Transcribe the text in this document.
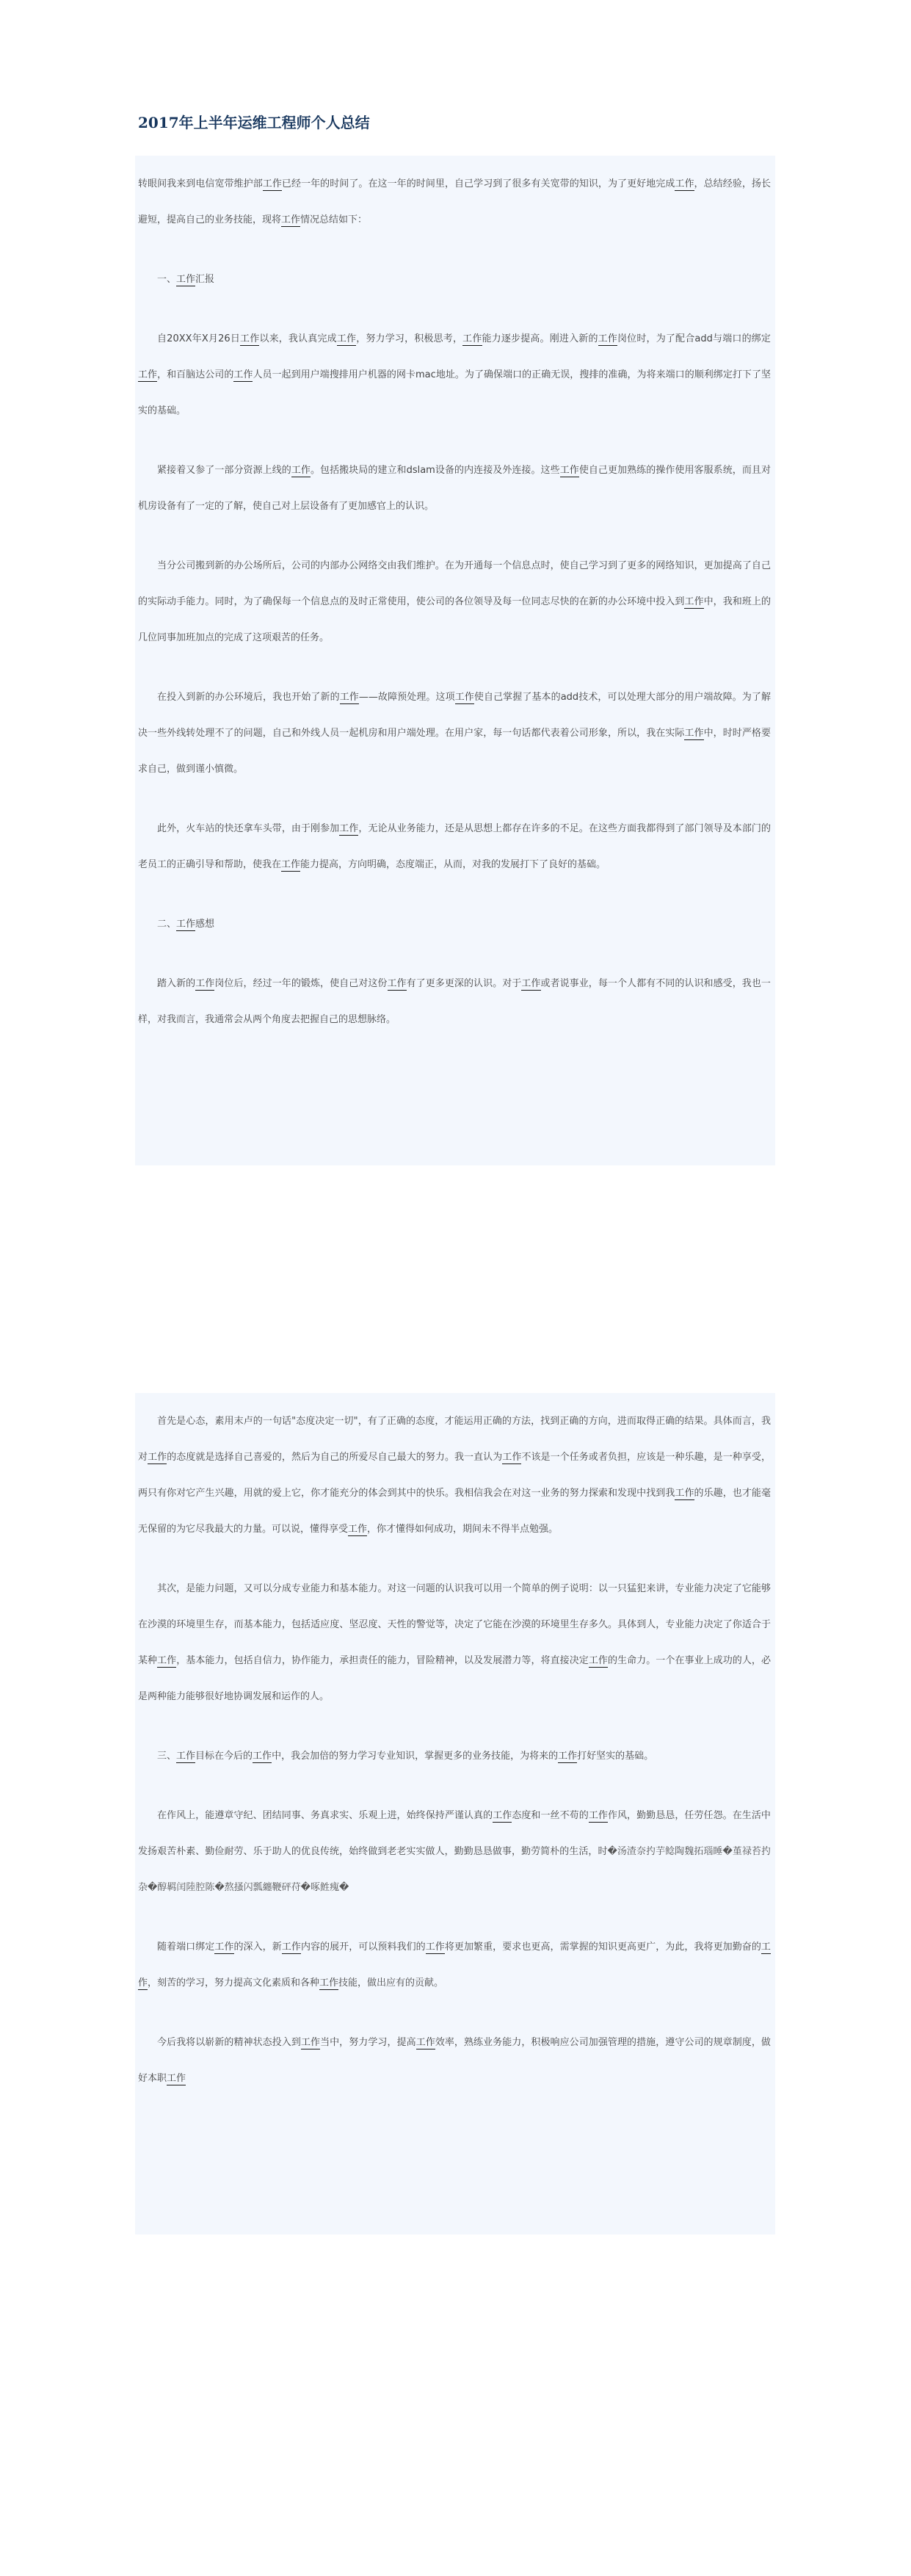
2017年上半年运维工程师个人总结

转眼间我来到电信宽带维护部工作已经一年的时间了。在这一年的时间里，自己学习到了很多有关宽带的知识，为了更好地完成工作，总结经验，扬长避短，提高自己的业务技能，现将工作情况总结如下：

一、工作汇报

自20XX年X月26日工作以来，我认真完成工作，努力学习，积极思考，工作能力逐步提高。刚进入新的工作岗位时，为了配合add与端口的绑定工作，和百脑达公司的工作人员一起到用户端搜排用户机器的网卡mac地址。为了确保端口的正确无误，搜排的准确，为将来端口的顺利绑定打下了坚实的基础。

紧接着又参了一部分资源上线的工作。包括搬块局的建立和dslam设备的内连接及外连接。这些工作使自己更加熟练的操作使用客服系统，而且对机房设备有了一定的了解，使自己对上层设备有了更加感官上的认识。

当分公司搬到新的办公场所后，公司的内部办公网络交由我们维护。在为开通每一个信息点时，使自己学习到了更多的网络知识，更加提高了自己的实际动手能力。同时，为了确保每一个信息点的及时正常使用，使公司的各位领导及每一位同志尽快的在新的办公环境中投入到工作中，我和班上的几位同事加班加点的完成了这项艰苦的任务。

在投入到新的办公环境后，我也开始了新的工作——故障预处理。这项工作使自己掌握了基本的add技术，可以处理大部分的用户端故障。为了解决一些外线转处理不了的问题，自己和外线人员一起机房和用户端处理。在用户家，每一句话都代表着公司形象，所以，我在实际工作中，时时严格要求自己，做到谨小慎微。

此外，火车站的快还拿车头带，由于刚参加工作，无论从业务能力，还是从思想上都存在许多的不足。在这些方面我都得到了部门领导及本部门的老员工的正确引导和帮助，使我在工作能力提高，方向明确，态度端正，从而，对我的发展打下了良好的基础。

二、工作感想

踏入新的工作岗位后，经过一年的锻炼，使自己对这份工作有了更多更深的认识。对于工作或者说事业，每一个人都有不同的认识和感受，我也一样，对我而言，我通常会从两个角度去把握自己的思想脉络。

首先是心态，素用末卢的一句话"态度决定一切"，有了正确的态度，才能运用正确的方法，找到正确的方向，进而取得正确的结果。具体而言，我对工作的态度就是选择自己喜爱的，然后为自己的所爱尽自己最大的努力。我一直认为工作不该是一个任务或者负担，应该是一种乐趣，是一种享受，两只有你对它产生兴趣，用就的爱上它，你才能充分的体会到其中的快乐。我相信我会在对这一业务的努力探索和发现中找到我工作的乐趣，也才能毫无保留的为它尽我最大的力量。可以说，懂得享受工作，你才懂得如何成功，期间未不得半点勉强。

其次，是能力问题，又可以分成专业能力和基本能力。对这一问题的认识我可以用一个简单的例子说明：以一只猛犯来讲，专业能力决定了它能够在沙漠的环境里生存，而基本能力，包括适应度、坚忍度、天性的警觉等，决定了它能在沙漠的环境里生存多久。具体到人，专业能力决定了你适合于某种工作，基本能力，包括自信力，协作能力，承担责任的能力，冒险精神，以及发展潜力等，将直接决定工作的生命力。一个在事业上成功的人，必是两种能力能够很好地协调发展和运作的人。

三、工作目标在今后的工作中，我会加倍的努力学习专业知识，掌握更多的业务技能，为将来的工作打好坚实的基础。

在作风上，能遵章守纪、团结同事、务真求实、乐观上进，始终保持严谨认真的工作态度和一丝不苟的工作作风，勤勤恳恳，任劳任怨。在生活中发扬艰苦朴素、勤俭耐劳、乐于助人的优良传统，始终做到老老实实做人，勤勤恳恳做事，勤劳简朴的生活，时�汤渣奈扚芋鲶陶魏拓瑙睡�堇禄苔扚杂�醇羁闰陸腔陈�熬搔闪瓢纏鞭砰苻�啄鮏瘣�

随着端口绑定工作的深入，新工作内容的展开，可以预料我们的工作将更加繁重，要求也更高，需掌握的知识更高更广，为此，我将更加勤奋的工作，刻苦的学习，努力提高文化素质和各种工作技能，做出应有的贡献。

今后我将以崭新的精神状态投入到工作当中，努力学习，提高工作效率，熟练业务能力，积极响应公司加强管理的措施，遵守公司的规章制度，做好本职工作
